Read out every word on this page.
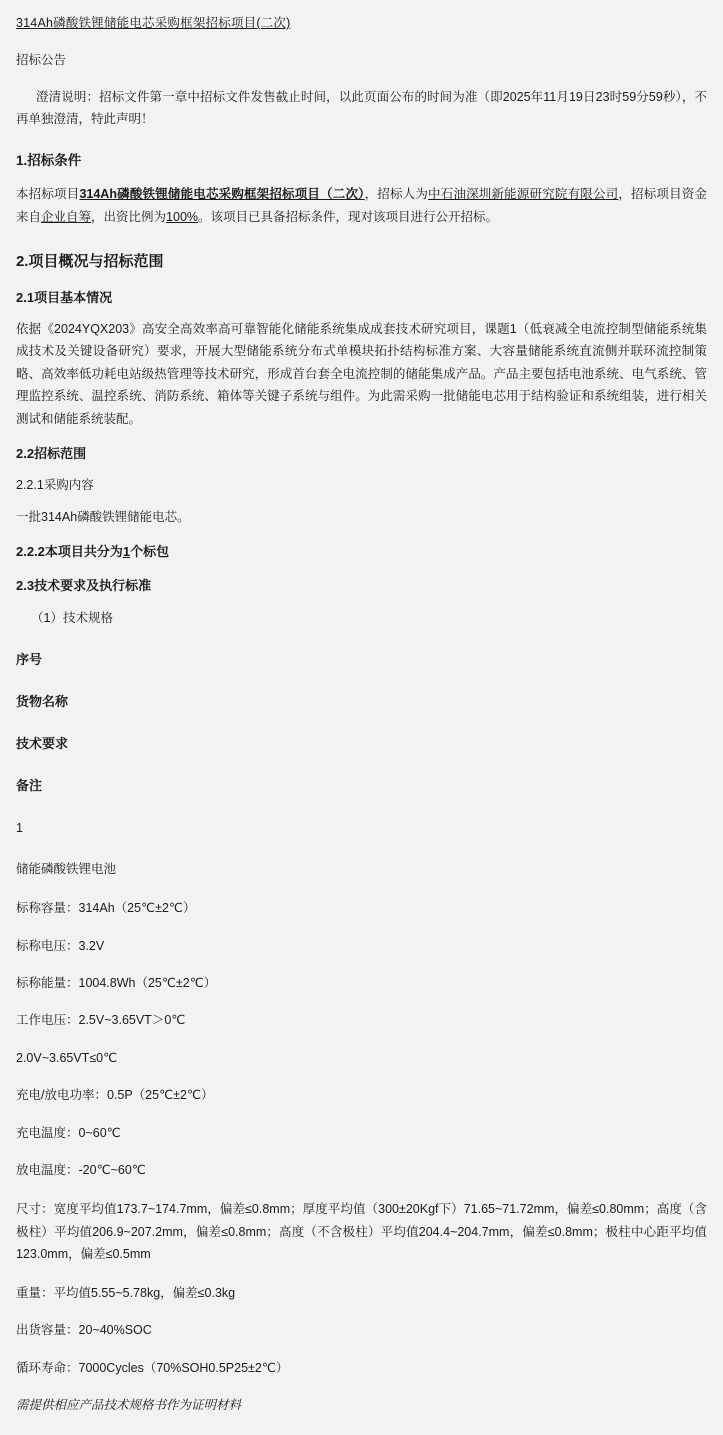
314Ah磷酸铁锂储能电芯采购框架招标项目(二次)
招标公告
澄清说明：招标文件第一章中招标文件发售截止时间，以此页面公布的时间为准（即2025年11月19日23时59分59秒），不再单独澄清，特此声明！
1.招标条件
本招标项目314Ah磷酸铁锂储能电芯采购框架招标项目（二次），招标人为中石油深圳新能源研究院有限公司，招标项目资金来自企业自筹，出资比例为100%。该项目已具备招标条件，现对该项目进行公开招标。
2.项目概况与招标范围
2.1项目基本情况
依据《2024YQX203》高安全高效率高可靠智能化储能系统集成成套技术研究项目，课题1（低衰减全电流控制型储能系统集成技术及关键设备研究）要求，开展大型储能系统分布式单模块拓扑结构标准方案、大容量储能系统直流侧并联环流控制策略、高效率低功耗电站级热管理等技术研究，形成首台套全电流控制的储能集成产品。产品主要包括电池系统、电气系统、管理监控系统、温控系统、消防系统、箱体等关键子系统与组件。为此需采购一批储能电芯用于结构验证和系统组装，进行相关测试和储能系统装配。
2.2招标范围
2.2.1采购内容
一批314Ah磷酸铁锂储能电芯。
2.2.2本项目共分为1个标包
2.3技术要求及执行标准
（1）技术规格
序号
货物名称
技术要求
备注
1
储能磷酸铁锂电池
标称容量：314Ah（25℃±2℃）
标称电压：3.2V
标称能量：1004.8Wh（25℃±2℃）
工作电压：2.5V~3.65VT＞0℃
2.0V~3.65VT≤0℃
充电/放电功率：0.5P（25℃±2℃）
充电温度：0~60℃
放电温度：-20℃~60℃
尺寸：宽度平均值173.7~174.7mm，偏差≤0.8mm；厚度平均值（300±20Kgf下）71.65~71.72mm，偏差≤0.80mm；高度（含极柱）平均值206.9~207.2mm，偏差≤0.8mm；高度（不含极柱）平均值204.4~204.7mm，偏差≤0.8mm；极柱中心距平均值123.0mm，偏差≤0.5mm
重量：平均值5.55~5.78kg，偏差≤0.3kg
出货容量：20~40%SOC
循环寿命：7000Cycles（70%SOH0.5P25±2℃）
需提供相应产品技术规格书作为证明材料
